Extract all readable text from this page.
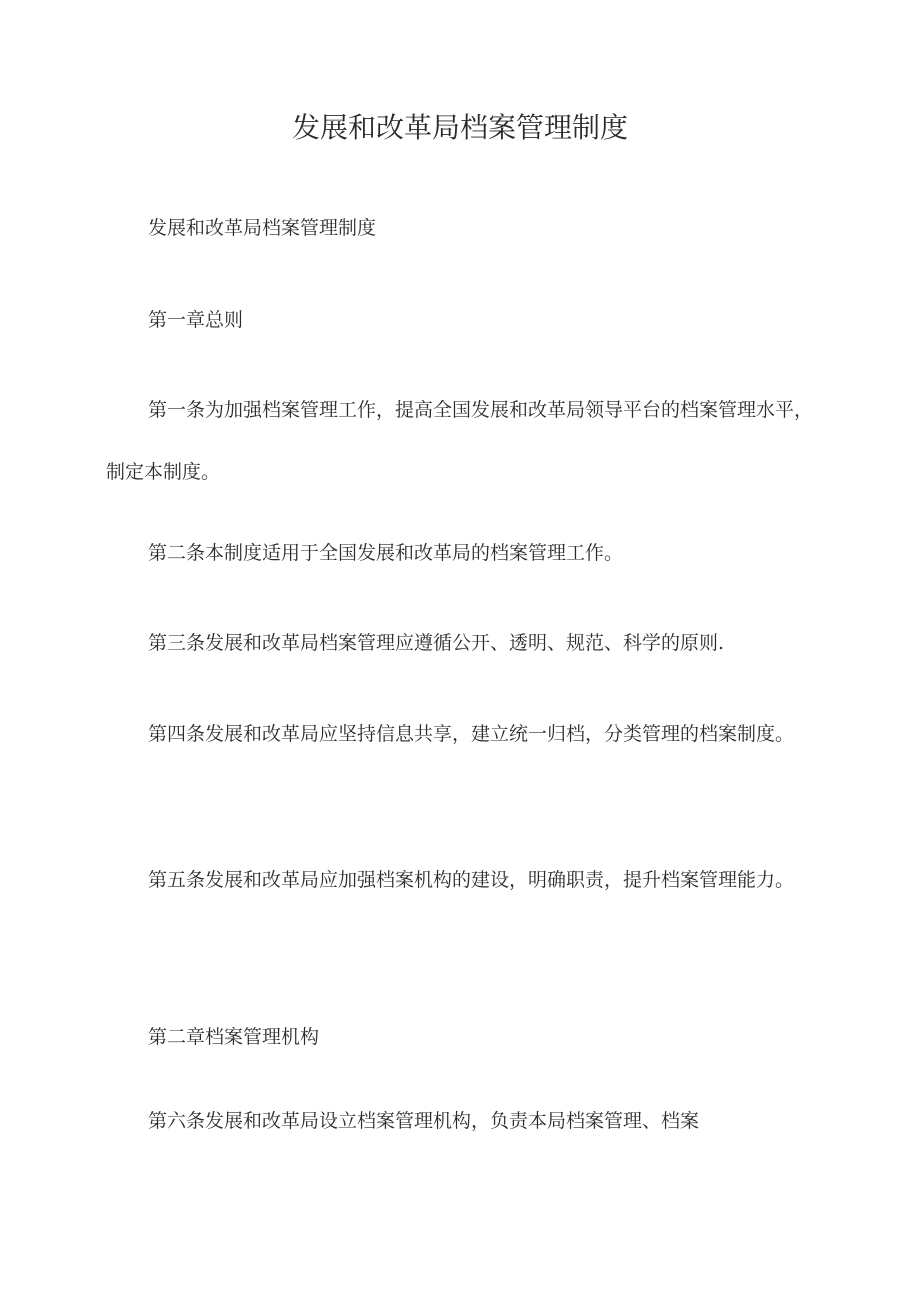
发展和改革局档案管理制度

发展和改革局档案管理制度

第一章总则

第一条为加强档案管理工作，提高全国发展和改革局领导平台的档案管理水平，制定本制度。

第二条本制度适用于全国发展和改革局的档案管理工作。

第三条发展和改革局档案管理应遵循公开、透明、规范、科学的原则.

第四条发展和改革局应坚持信息共享，建立统一归档，分类管理的档案制度。

第五条发展和改革局应加强档案机构的建设，明确职责，提升档案管理能力。

第二章档案管理机构

第六条发展和改革局设立档案管理机构，负责本局档案管理、档案
